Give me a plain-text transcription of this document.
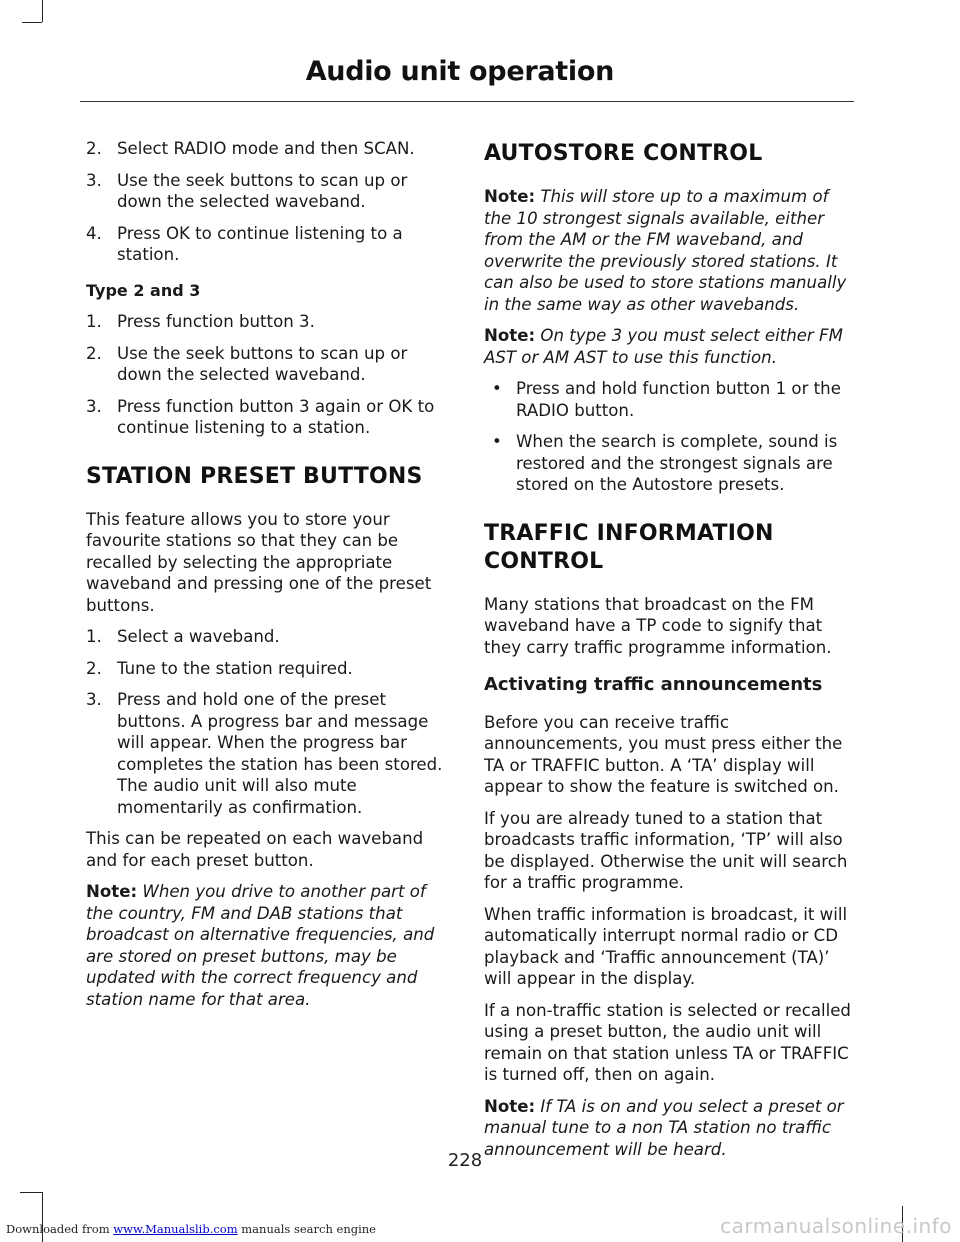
Audio unit operation
2. Select RADIO mode and then SCAN.
3. Use the seek buttons to scan up or down the selected waveband.
4. Press OK to continue listening to a station.
Type 2 and 3
1. Press function button 3.
2. Use the seek buttons to scan up or down the selected waveband.
3. Press function button 3 again or OK to continue listening to a station.
STATION PRESET BUTTONS

This feature allows you to store your favourite stations so that they can be recalled by selecting the appropriate waveband and pressing one of the preset buttons.

1. Select a waveband.
2. Tune to the station required.
3. Press and hold one of the preset buttons. A progress bar and message will appear. When the progress bar completes the station has been stored. The audio unit will also mute momentarily as confirmation.

This can be repeated on each waveband and for each preset button.

Note: When you drive to another part of the country, FM and DAB stations that broadcast on alternative frequencies, and are stored on preset buttons, may be updated with the correct frequency and station name for that area.

AUTOSTORE CONTROL

Note: This will store up to a maximum of the 10 strongest signals available, either from the AM or the FM waveband, and overwrite the previously stored stations. It can also be used to store stations manually in the same way as other wavebands.

Note: On type 3 you must select either FM AST or AM AST to use this function.

• Press and hold function button 1 or the RADIO button.
• When the search is complete, sound is restored and the strongest signals are stored on the Autostore presets.
TRAFFIC INFORMATION
CONTROL

Many stations that broadcast on the FM waveband have a TP code to signify that they carry traffic programme information.

Activating traffic announcements

Before you can receive traffic announcements, you must press either the TA or TRAFFIC button. A ‘TA’ display will appear to show the feature is switched on.

If you are already tuned to a station that broadcasts traffic information, ‘TP’ will also be displayed. Otherwise the unit will search for a traffic programme.

When traffic information is broadcast, it will automatically interrupt normal radio or CD playback and ‘Traffic announcement (TA)’ will appear in the display.

If a non-traffic station is selected or recalled using a preset button, the audio unit will remain on that station unless TA or TRAFFIC is turned off, then on again.

Note: If TA is on and you select a preset or manual tune to a non TA station no traffic announcement will be heard.

228
Downloaded from www.Manualslib.com manuals search engine	carmanualsonline.info
